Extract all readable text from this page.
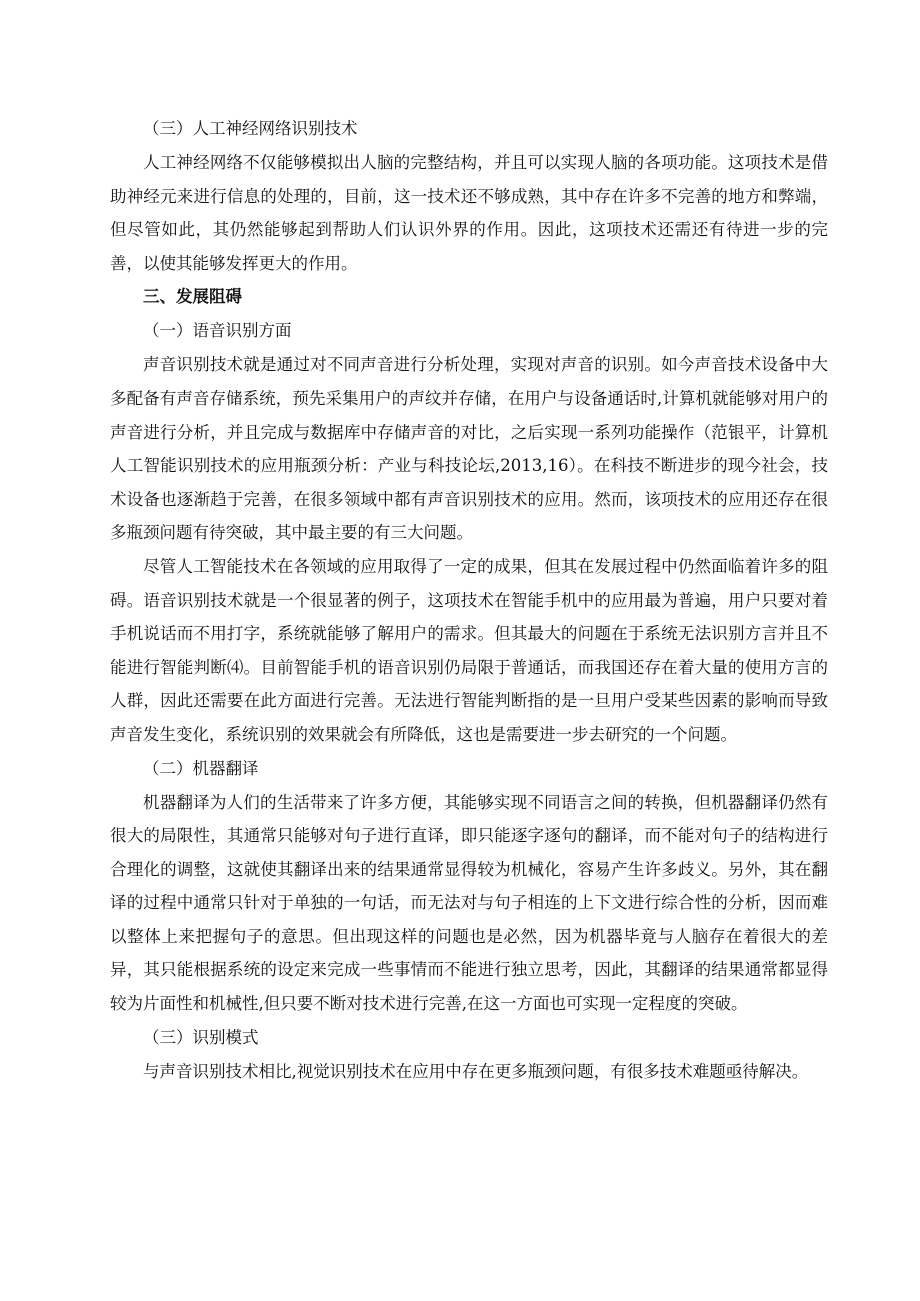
（三）人工神经网络识别技术

人工神经网络不仅能够模拟出人脑的完整结构，并且可以实现人脑的各项功能。这项技术是借助神经元来进行信息的处理的，目前，这一技术还不够成熟，其中存在许多不完善的地方和弊端，但尽管如此，其仍然能够起到帮助人们认识外界的作用。因此，这项技术还需还有待进一步的完善，以使其能够发挥更大的作用。

三、发展阻碍

（一）语音识别方面

声音识别技术就是通过对不同声音进行分析处理，实现对声音的识别。如今声音技术设备中大多配备有声音存储系统，预先采集用户的声纹并存储，在用户与设备通话时,计算机就能够对用户的声音进行分析，并且完成与数据库中存储声音的对比，之后实现一系列功能操作（范银平，计算机人工智能识别技术的应用瓶颈分析：产业与科技论坛,2013,16）。在科技不断进步的现今社会，技术设备也逐渐趋于完善，在很多领域中都有声音识别技术的应用。然而，该项技术的应用还存在很多瓶颈问题有待突破，其中最主要的有三大问题。

尽管人工智能技术在各领域的应用取得了一定的成果，但其在发展过程中仍然面临着许多的阻碍。语音识别技术就是一个很显著的例子，这项技术在智能手机中的应用最为普遍，用户只要对着手机说话而不用打字，系统就能够了解用户的需求。但其最大的问题在于系统无法识别方言并且不能进行智能判断⑷。目前智能手机的语音识别仍局限于普通话，而我国还存在着大量的使用方言的人群，因此还需要在此方面进行完善。无法进行智能判断指的是一旦用户受某些因素的影响而导致声音发生变化，系统识别的效果就会有所降低，这也是需要进一步去研究的一个问题。

（二）机器翻译

机器翻译为人们的生活带来了许多方便，其能够实现不同语言之间的转换，但机器翻译仍然有很大的局限性，其通常只能够对句子进行直译，即只能逐字逐句的翻译，而不能对句子的结构进行合理化的调整，这就使其翻译出来的结果通常显得较为机械化，容易产生许多歧义。另外，其在翻译的过程中通常只针对于单独的一句话，而无法对与句子相连的上下文进行综合性的分析，因而难以整体上来把握句子的意思。但出现这样的问题也是必然，因为机器毕竟与人脑存在着很大的差异，其只能根据系统的设定来完成一些事情而不能进行独立思考，因此，其翻译的结果通常都显得较为片面性和机械性,但只要不断对技术进行完善,在这一方面也可实现一定程度的突破。

（三）识别模式

与声音识别技术相比,视觉识别技术在应用中存在更多瓶颈问题，有很多技术难题亟待解决。
